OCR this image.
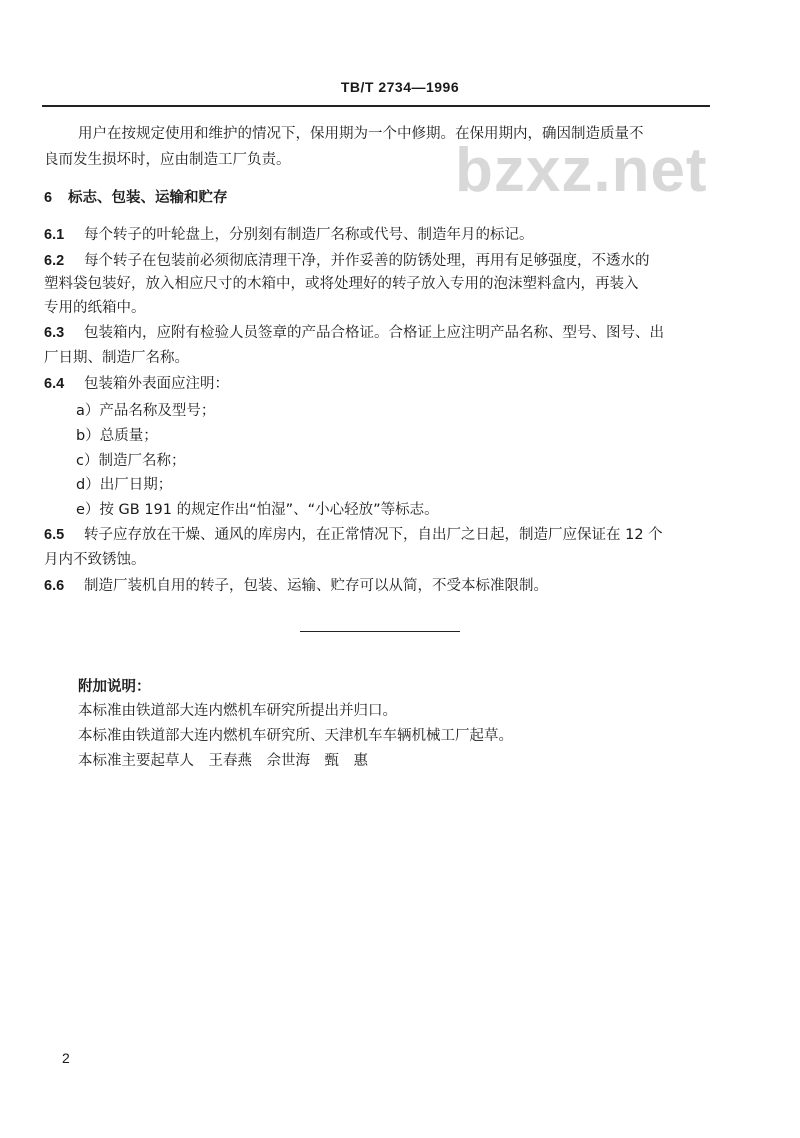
TB/T 2734—1996
bzxz.net
用户在按规定使用和维护的情况下，保用期为一个中修期。在保用期内，确因制造质量不
良而发生损坏时，应由制造工厂负责。
6 标志、包装、运输和贮存
6.1 每个转子的叶轮盘上，分别刻有制造厂名称或代号、制造年月的标记。
6.2 每个转子在包装前必须彻底清理干净，并作妥善的防锈处理，再用有足够强度，不透水的
塑料袋包装好，放入相应尺寸的木箱中，或将处理好的转子放入专用的泡沫塑料盒内，再装入
专用的纸箱中。
6.3 包装箱内，应附有检验人员签章的产品合格证。合格证上应注明产品名称、型号、图号、出
厂日期、制造厂名称。
6.4 包装箱外表面应注明：
a）产品名称及型号；
b）总质量；
c）制造厂名称；
d）出厂日期；
e）按 GB 191 的规定作出“怕湿”、“小心轻放”等标志。
6.5 转子应存放在干燥、通风的库房内，在正常情况下，自出厂之日起，制造厂应保证在 12 个
月内不致锈蚀。
6.6 制造厂装机自用的转子，包装、运输、贮存可以从简，不受本标准限制。
附加说明：
本标准由铁道部大连内燃机车研究所提出并归口。
本标准由铁道部大连内燃机车研究所、天津机车车辆机械工厂起草。
本标准主要起草人　王春燕　佘世海　甄　惠
2
